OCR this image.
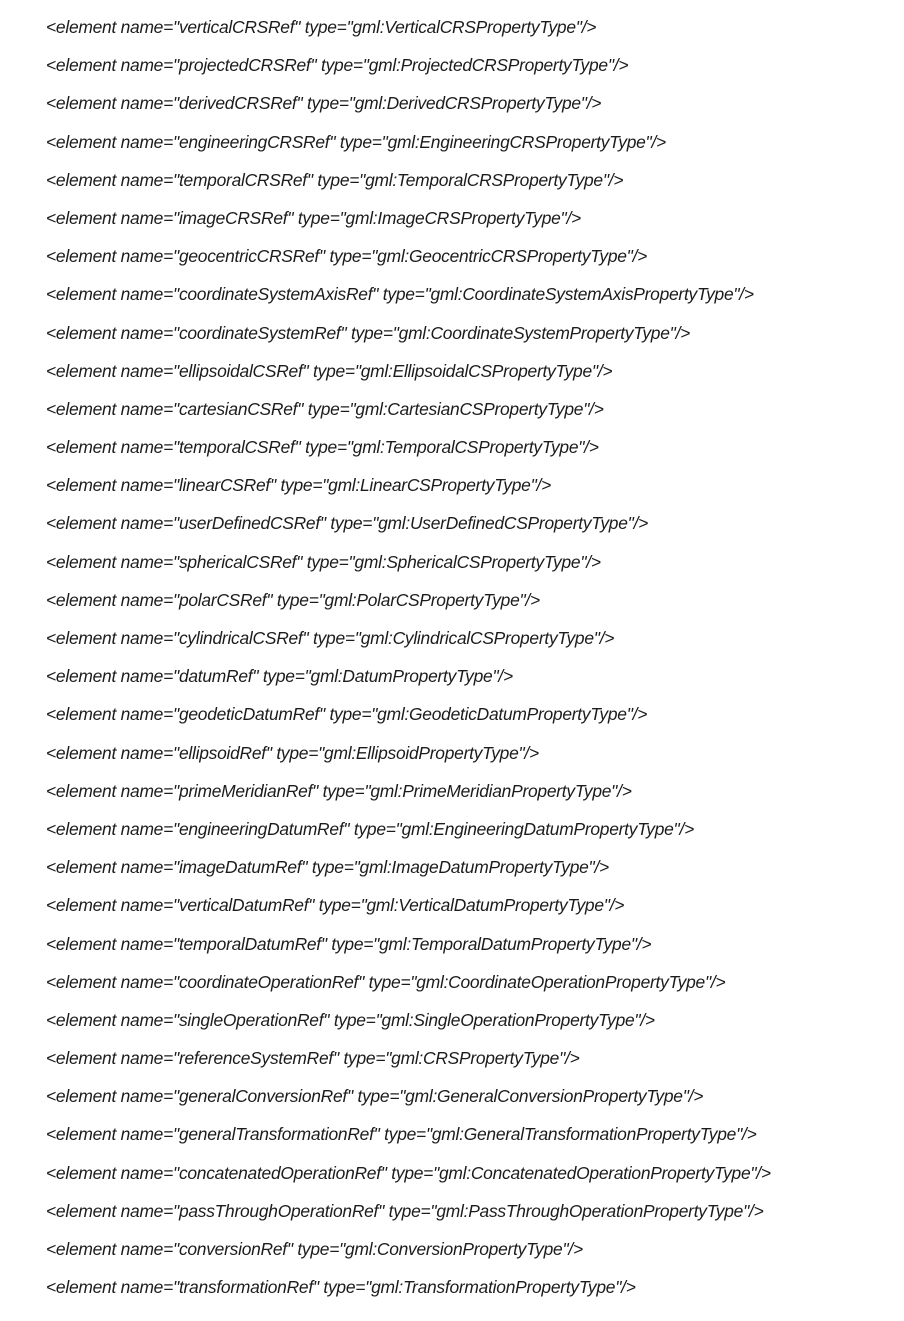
<element name="verticalCRSRef" type="gml:VerticalCRSPropertyType"/>
<element name="projectedCRSRef" type="gml:ProjectedCRSPropertyType"/>
<element name="derivedCRSRef" type="gml:DerivedCRSPropertyType"/>
<element name="engineeringCRSRef" type="gml:EngineeringCRSPropertyType"/>
<element name="temporalCRSRef" type="gml:TemporalCRSPropertyType"/>
<element name="imageCRSRef" type="gml:ImageCRSPropertyType"/>
<element name="geocentricCRSRef" type="gml:GeocentricCRSPropertyType"/>
<element name="coordinateSystemAxisRef" type="gml:CoordinateSystemAxisPropertyType"/>
<element name="coordinateSystemRef" type="gml:CoordinateSystemPropertyType"/>
<element name="ellipsoidalCSRef" type="gml:EllipsoidalCSPropertyType"/>
<element name="cartesianCSRef" type="gml:CartesianCSPropertyType"/>
<element name="temporalCSRef" type="gml:TemporalCSPropertyType"/>
<element name="linearCSRef" type="gml:LinearCSPropertyType"/>
<element name="userDefinedCSRef" type="gml:UserDefinedCSPropertyType"/>
<element name="sphericalCSRef" type="gml:SphericalCSPropertyType"/>
<element name="polarCSRef" type="gml:PolarCSPropertyType"/>
<element name="cylindricalCSRef" type="gml:CylindricalCSPropertyType"/>
<element name="datumRef" type="gml:DatumPropertyType"/>
<element name="geodeticDatumRef" type="gml:GeodeticDatumPropertyType"/>
<element name="ellipsoidRef" type="gml:EllipsoidPropertyType"/>
<element name="primeMeridianRef" type="gml:PrimeMeridianPropertyType"/>
<element name="engineeringDatumRef" type="gml:EngineeringDatumPropertyType"/>
<element name="imageDatumRef" type="gml:ImageDatumPropertyType"/>
<element name="verticalDatumRef" type="gml:VerticalDatumPropertyType"/>
<element name="temporalDatumRef" type="gml:TemporalDatumPropertyType"/>
<element name="coordinateOperationRef" type="gml:CoordinateOperationPropertyType"/>
<element name="singleOperationRef" type="gml:SingleOperationPropertyType"/>
<element name="referenceSystemRef" type="gml:CRSPropertyType"/>
<element name="generalConversionRef" type="gml:GeneralConversionPropertyType"/>
<element name="generalTransformationRef" type="gml:GeneralTransformationPropertyType"/>
<element name="concatenatedOperationRef" type="gml:ConcatenatedOperationPropertyType"/>
<element name="passThroughOperationRef" type="gml:PassThroughOperationPropertyType"/>
<element name="conversionRef" type="gml:ConversionPropertyType"/>
<element name="transformationRef" type="gml:TransformationPropertyType"/>
